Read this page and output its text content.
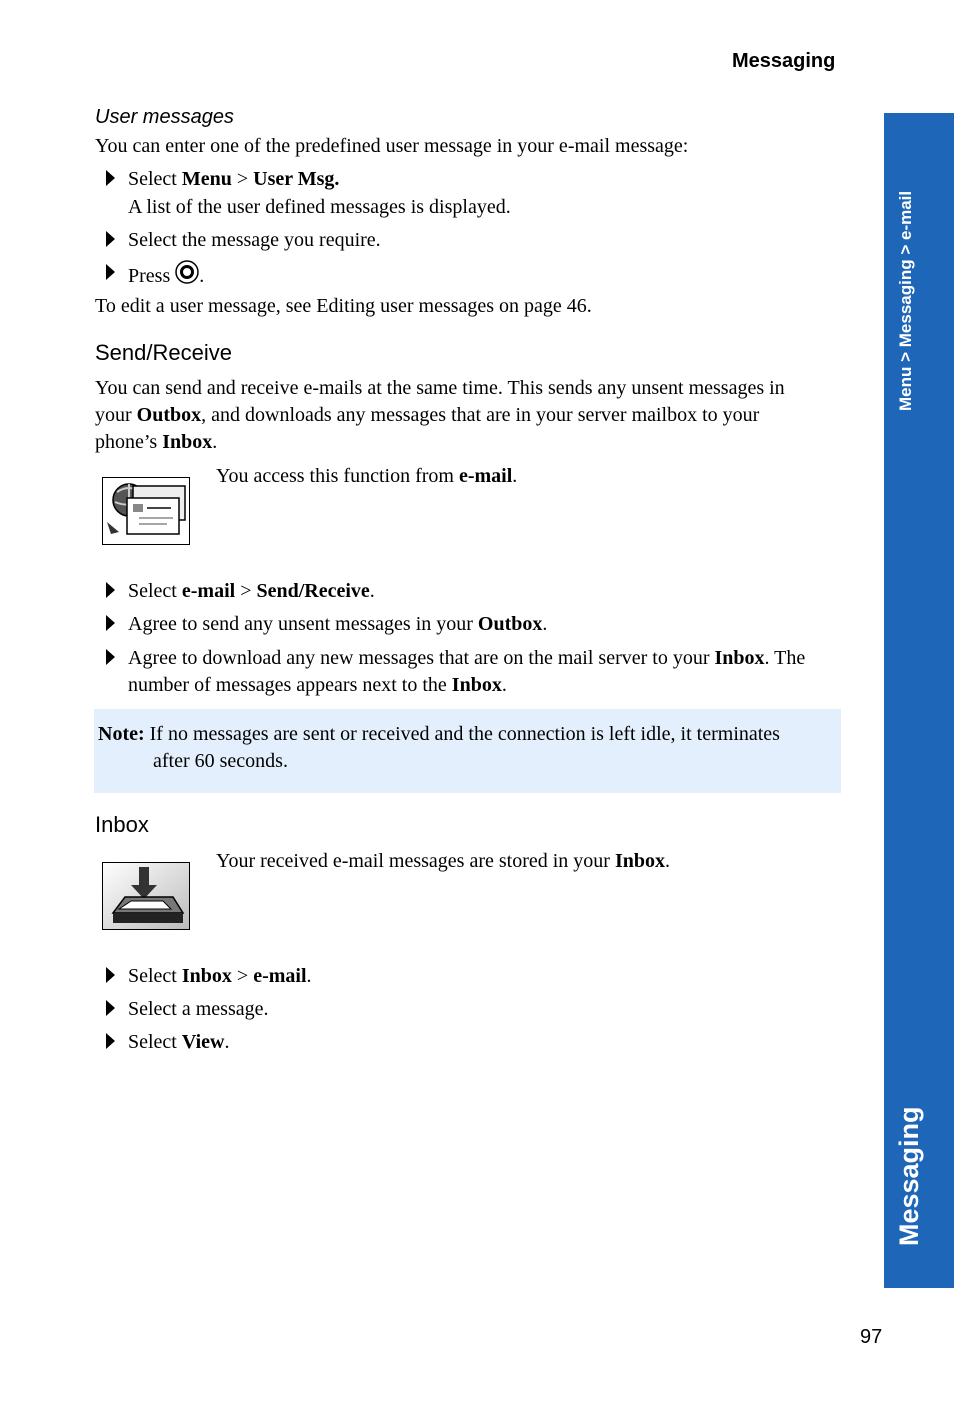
Messaging
Menu > Messaging > e-mail
Messaging
User messages
You can enter one of the predefined user message in your e-mail message:
Select Menu > User Msg.
A list of the user defined messages is displayed.
Select the message you require.
Press .
To edit a user message, see Editing user messages on page 46.
Send/Receive
You can send and receive e-mails at the same time. This sends any unsent messages in
your Outbox, and downloads any messages that are in your server mailbox to your
phone’s Inbox.
You access this function from e-mail.
Select e-mail > Send/Receive.
Agree to send any unsent messages in your Outbox.
Agree to download any new messages that are on the mail server to your Inbox. The
number of messages appears next to the Inbox.
Note: If no messages are sent or received and the connection is left idle, it terminates
after 60 seconds.
Inbox
Your received e-mail messages are stored in your Inbox.
Select Inbox > e-mail.
Select a message.
Select View.
97
